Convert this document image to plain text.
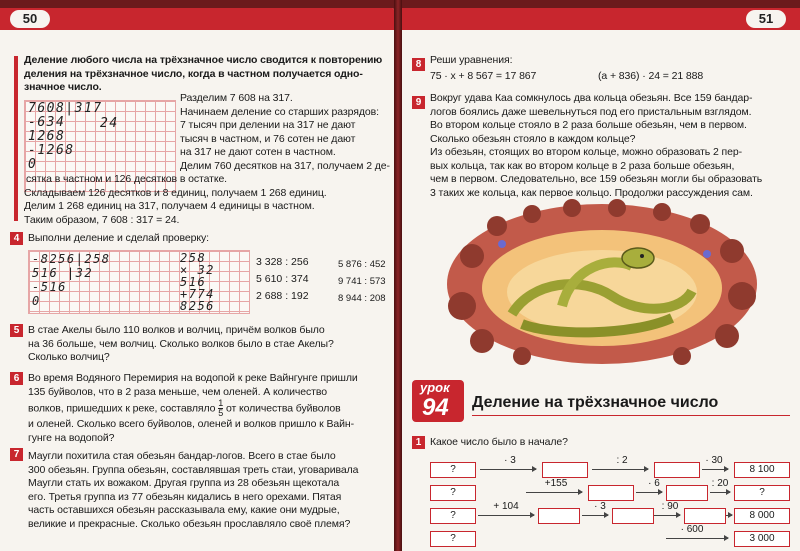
50
Деление любого числа на трёхзначное число сводится к повторению
деления на трёхзначное число, когда в частном получается одно-
значное число.
7608|317
-634
1268
-1268
0
24
Разделим 7 608 на 317.
Начинаем деление со старших разрядов:
7 тысяч при делении на 317 не дают
тысяч в частном, и 76 сотен не дают
на 317 не дают сотен в частном.
Делим 760 десятков на 317, получаем 2 де-
сятка в частном и 126 десятков в остатке.
Складываем 126 десятков и 8 единиц, получаем 1 268 единиц.
Делим 1 268 единиц на 317, получаем 4 единицы в частном.
Таким образом, 7 608 : 317 = 24.
4 Выполни деление и сделай проверку:
-8256|258
516 |32
-516
0
258
× 32
516
+774
8256
3 328 : 256
5 610 : 374
2 688 : 192
5 876 : 452
9 741 : 573
8 944 : 208
5 В стае Акелы было 110 волков и волчиц, причём волков было
на 36 больше, чем волчиц. Сколько волков было в стае Акелы?
Сколько волчиц?
6 Во время Водяного Перемирия на водопой к реке Вайнгунге пришли
135 буйволов, что в 2 раза меньше, чем оленей. А количество
волков, пришедших к реке, составляло $\frac{1}{5}$ от количества буйволов
и оленей. Сколько всего буйволов, оленей и волков пришло к Вайн-
гунге на водопой?
7 Маугли похитила стая обезьян бандар-логов. Всего в стае было
300 обезьян. Группа обезьян, составлявшая треть стаи, уговаривала
Маугли стать их вожаком. Другая группа из 28 обезьян щекотала
его. Третья группа из 77 обезьян кидались в него орехами. Пятая
часть оставшихся обезьян рассказывала ему, какие они мудрые,
великие и прекрасные. Сколько обезьян прославляло своё племя?
51
8 Реши уравнения:
75 · x + 8 567 = 17 867	(a + 836) · 24 = 21 888
9 Вокруг удава Каа сомкнулось два кольца обезьян. Все 159 бандар-
логов боялись даже шевельнуться под его пристальным взглядом.
Во втором кольце стояло в 2 раза больше обезьян, чем в первом.
Сколько обезьян стояло в каждом кольце?
Из обезьян, стоящих во втором кольце, можно образовать 2 пер-
вых кольца, так как во втором кольце в 2 раза больше обезьян,
чем в первом. Следовательно, все 159 обезьян могли бы образовать
3 таких же кольца, как первое кольцо. Продолжи рассуждения сам.
урок
94 Деление на трёхзначное число
1 Какое число было в начале?
?
· 3	: 2	· 30
8 100
?
+155	· 6	: 20
?
?
+ 104	· 3	: 90
8 000
?
· 600
3 000
